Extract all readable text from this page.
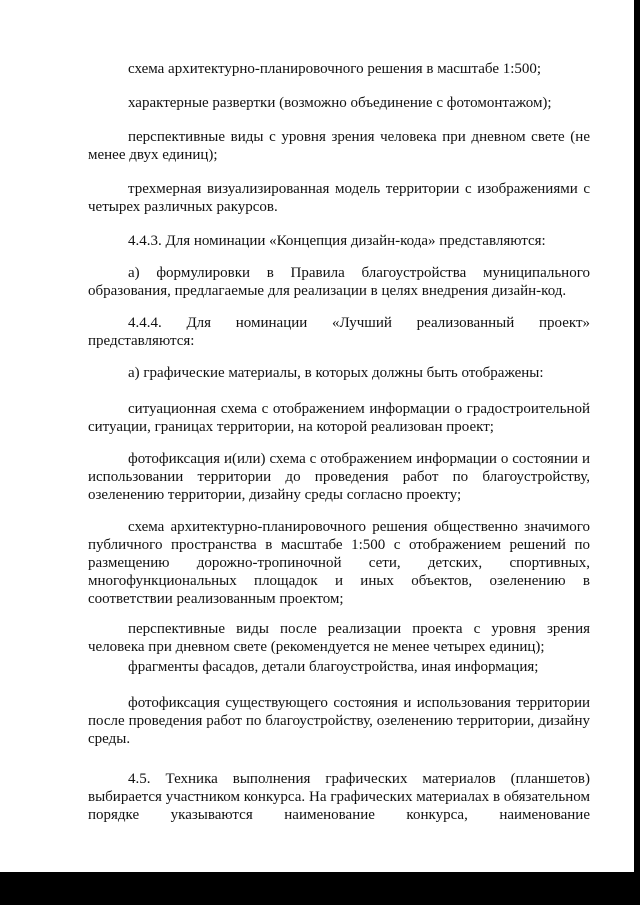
схема архитектурно-планировочного решения в масштабе 1:500;

характерные развертки (возможно объединение с фотомонтажом);

перспективные виды с уровня зрения человека при дневном свете (не менее двух единиц);

трехмерная визуализированная модель территории с изображениями с четырех различных ракурсов.

4.4.3. Для номинации «Концепция дизайн-кода» представляются:

а) формулировки в Правила благоустройства муниципального образования, предлагаемые для реализации в целях внедрения дизайн-код.

4.4.4. Для номинации «Лучший реализованный проект» представляются:

а) графические материалы, в которых должны быть отображены:

ситуационная схема с отображением информации о градостроительной ситуации, границах территории, на которой реализован проект;

фотофиксация и(или) схема с отображением информации о состоянии и использовании территории до проведения работ по благоустройству, озеленению территории, дизайну среды согласно проекту;

схема архитектурно-планировочного решения общественно значимого публичного пространства в масштабе 1:500 с отображением решений по размещению дорожно-тропиночной сети, детских, спортивных, многофункциональных площадок и иных объектов, озеленению в соответствии реализованным проектом;

перспективные виды после реализации проекта с уровня зрения человека при дневном свете (рекомендуется не менее четырех единиц);

фрагменты фасадов, детали благоустройства, иная информация;

фотофиксация существующего состояния и использования территории после проведения работ по благоустройству, озеленению территории, дизайну среды.

4.5. Техника выполнения графических материалов (планшетов) выбирается участником конкурса. На графических материалах в обязательном порядке указываются наименование конкурса, наименование
